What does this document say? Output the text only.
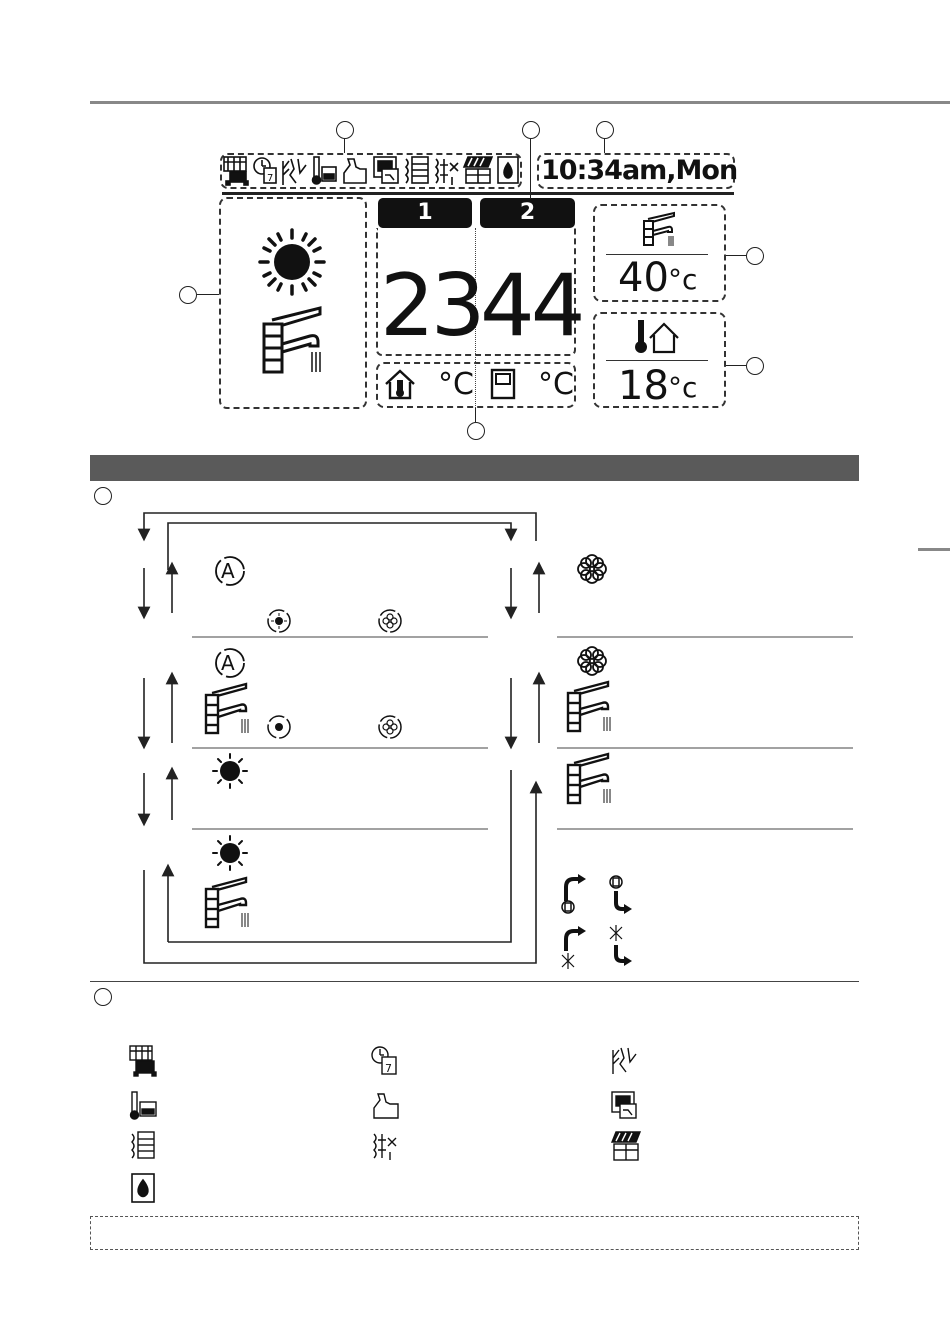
7	10:34am,Mon
1	2
23
44
°C °C
40 °c
18 °c
A
A
7
